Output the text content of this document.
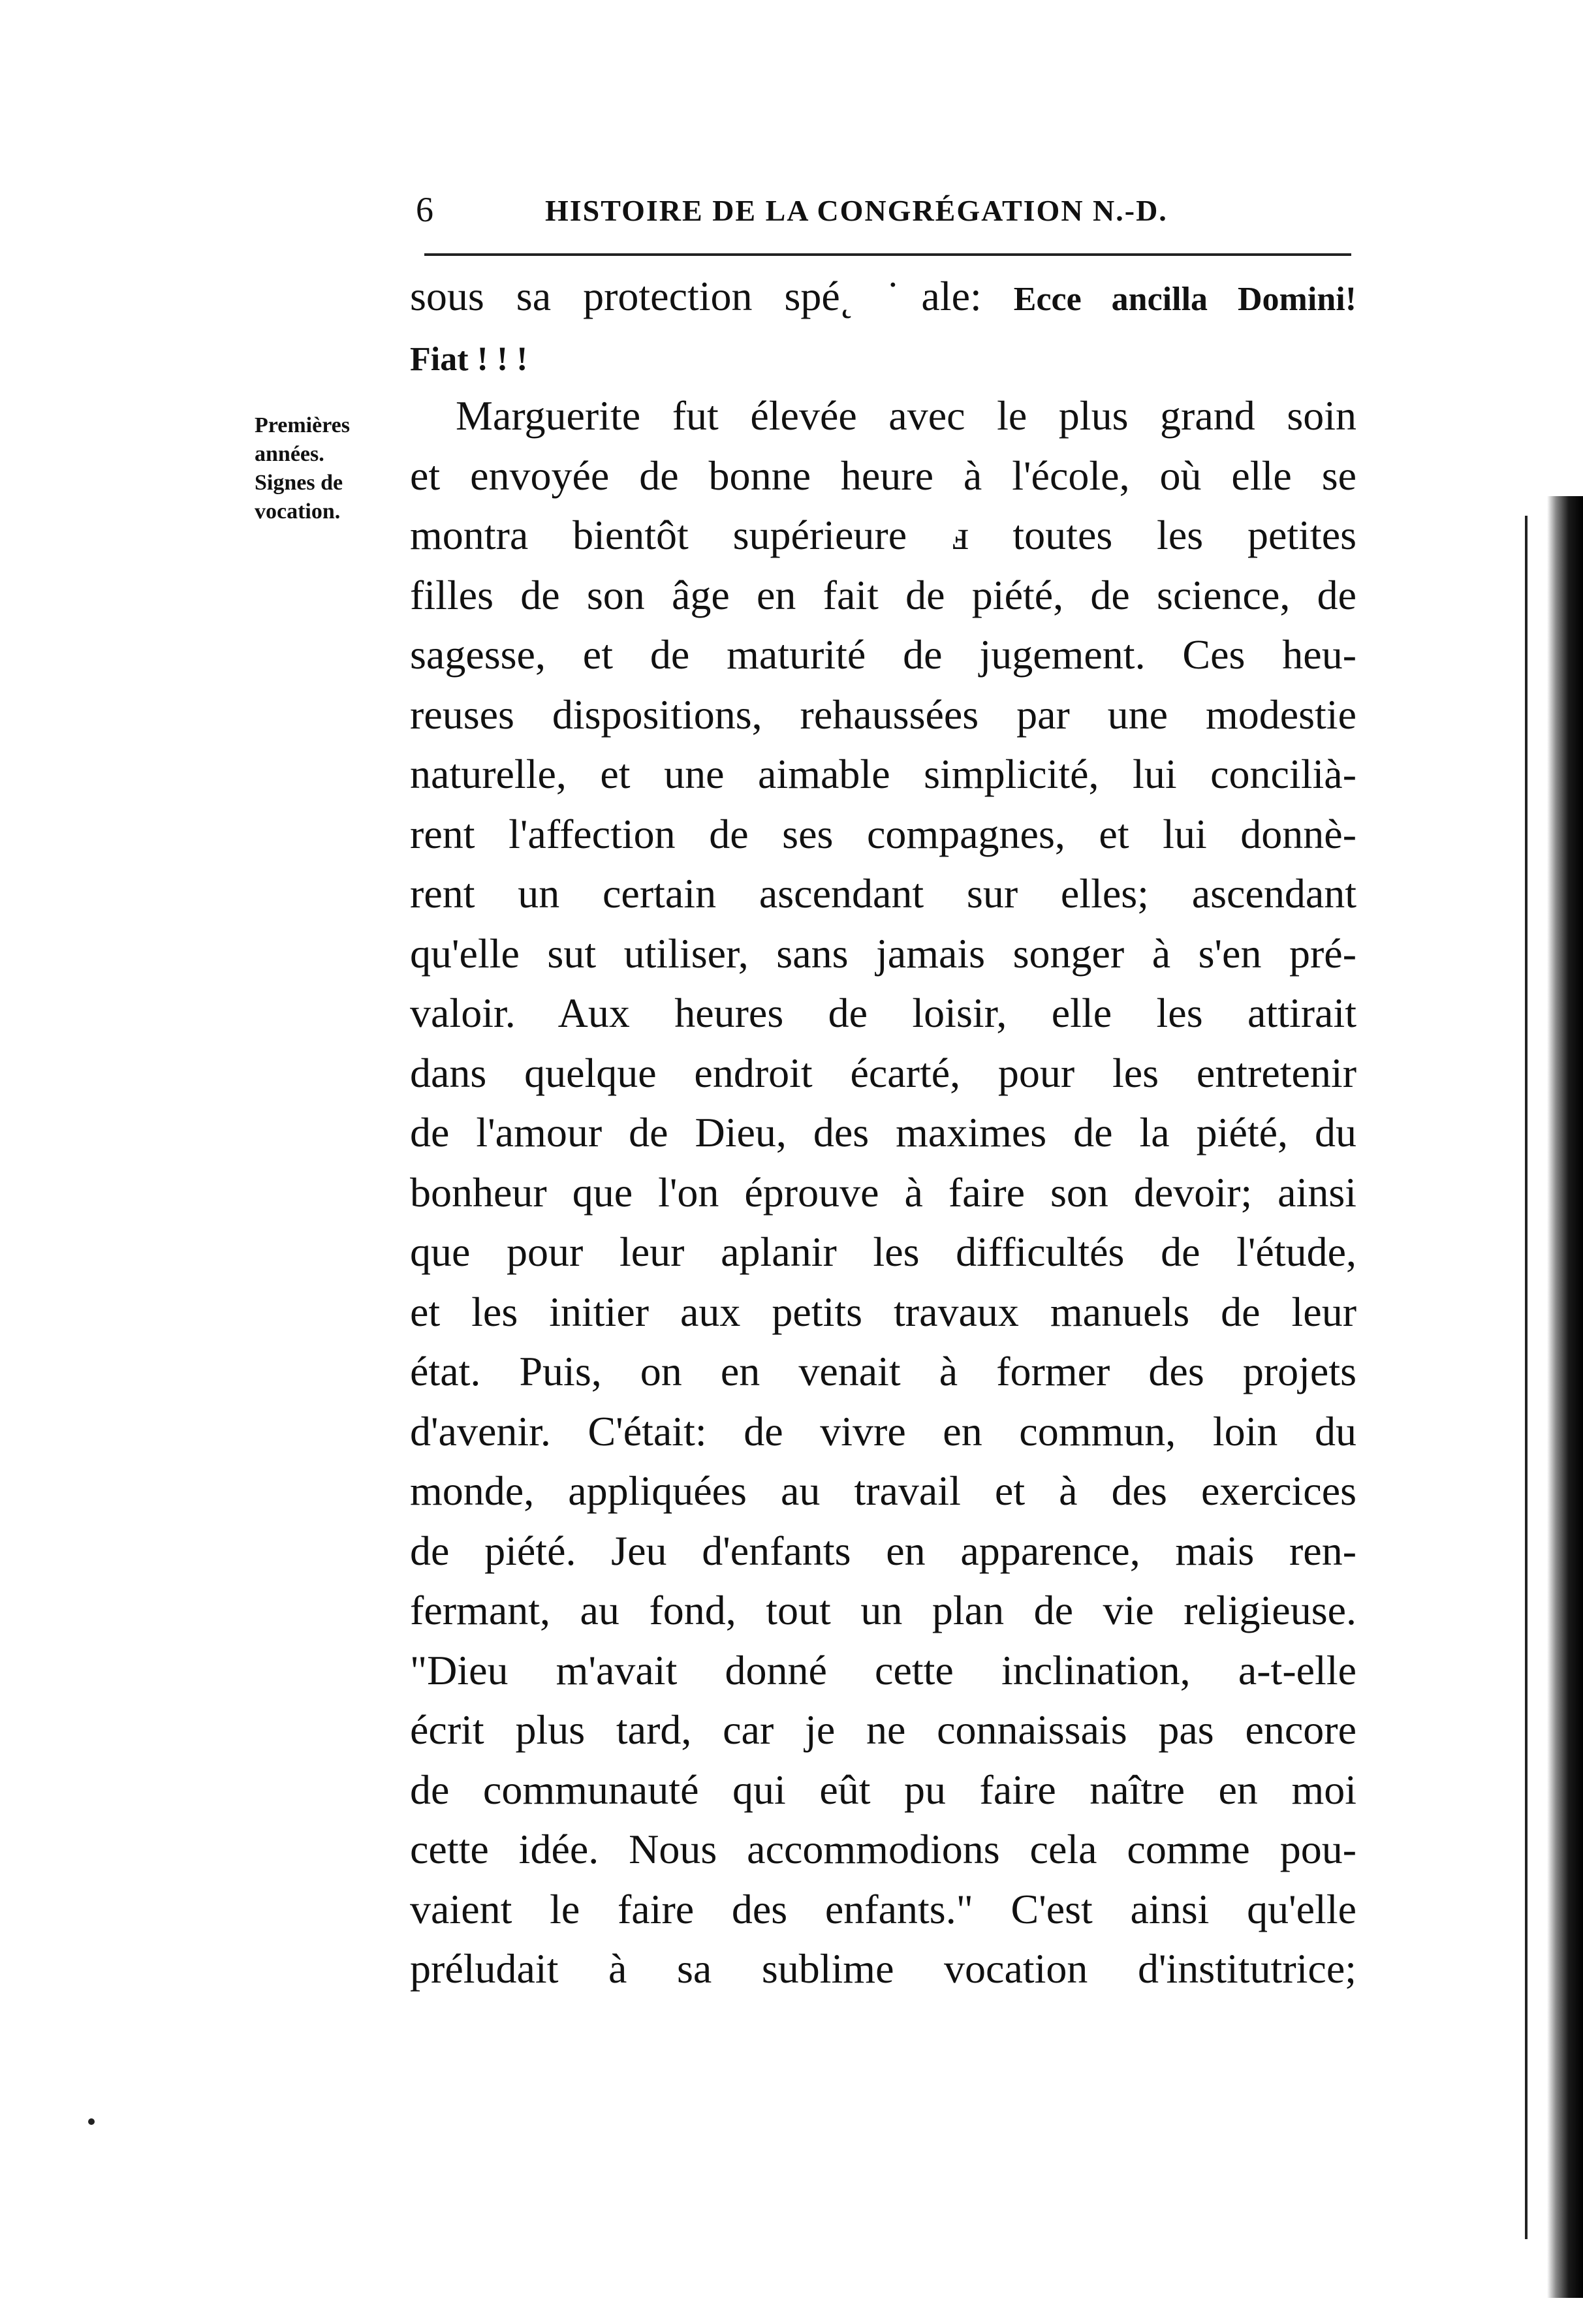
6	HISTOIRE DE LA CONGRÉGATION N.-D.
Premières
années.
Signes de
vocation.
sous sa protection spé˛ ˙ale: Ecce ancilla Domini!
Fiat ! ! !
Marguerite fut élevée avec le plus grand soin
et envoyée de bonne heure à l'école, où elle se
montra bientôt supérieure ⅎ toutes les petites
filles de son âge en fait de piété, de science, de
sagesse, et de maturité de jugement. Ces heu-
reuses dispositions, rehaussées par une modestie
naturelle, et une aimable simplicité, lui concilià-
rent l'affection de ses compagnes, et lui donnè-
rent un certain ascendant sur elles; ascendant
qu'elle sut utiliser, sans jamais songer à s'en pré-
valoir. Aux heures de loisir, elle les attirait
dans quelque endroit écarté, pour les entretenir
de l'amour de Dieu, des maximes de la piété, du
bonheur que l'on éprouve à faire son devoir; ainsi
que pour leur aplanir les difficultés de l'étude,
et les initier aux petits travaux manuels de leur
état. Puis, on en venait à former des projets
d'avenir. C'était: de vivre en commun, loin du
monde, appliquées au travail et à des exercices
de piété. Jeu d'enfants en apparence, mais ren-
fermant, au fond, tout un plan de vie religieuse.
"Dieu m'avait donné cette inclination, a-t-elle
écrit plus tard, car je ne connaissais pas encore
de communauté qui eût pu faire naître en moi
cette idée. Nous accommodions cela comme pou-
vaient le faire des enfants." C'est ainsi qu'elle
préludait à sa sublime vocation d'institutrice;
